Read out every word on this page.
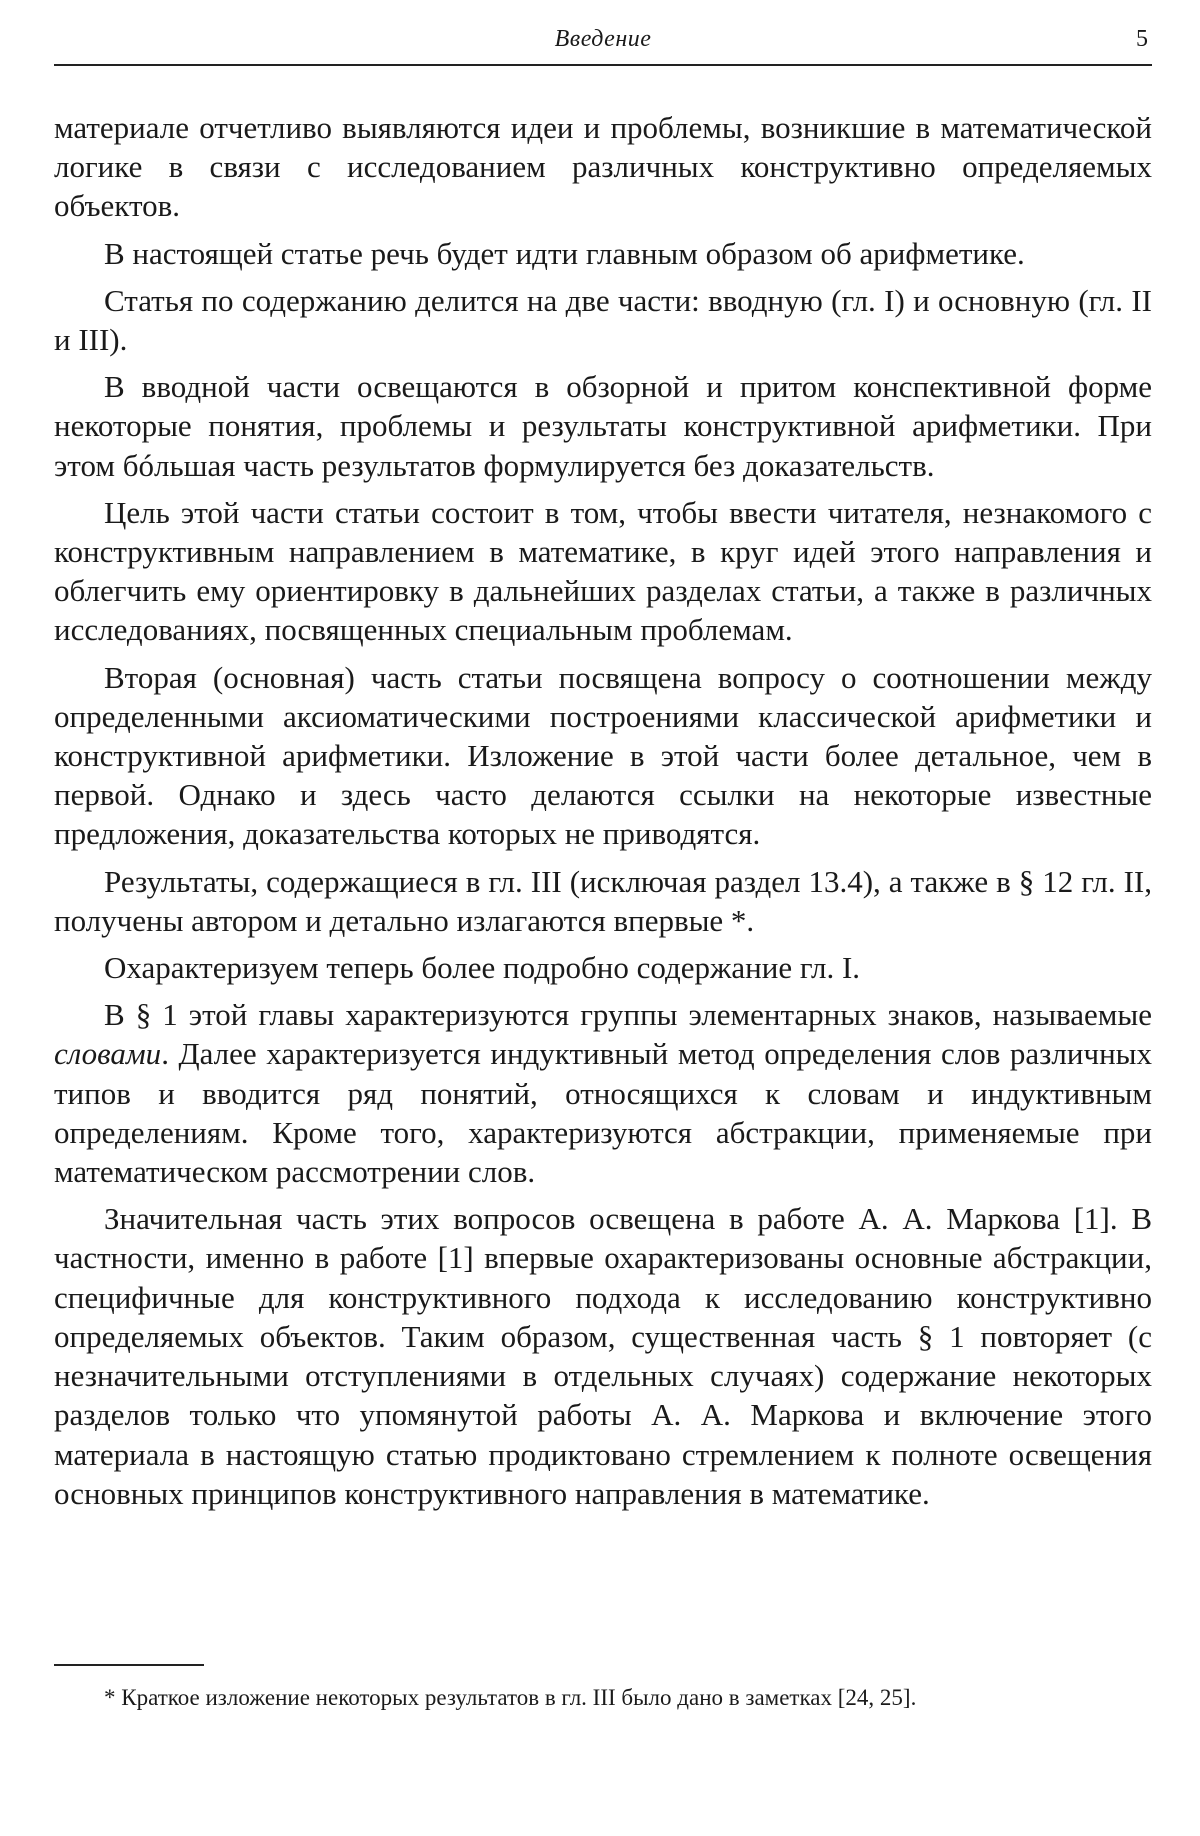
Введение	5

материале отчетливо выявляются идеи и проблемы, возникшие в математической логике в связи с исследованием различных конструктивно определяемых объектов.

В настоящей статье речь будет идти главным образом об арифметике.

Статья по содержанию делится на две части: вводную (гл. I) и основную (гл. II и III).

В вводной части освещаются в обзорной и притом конспективной форме некоторые понятия, проблемы и результаты конструктивной арифметики. При этом бóльшая часть результатов формулируется без доказательств.

Цель этой части статьи состоит в том, чтобы ввести читателя, незнакомого с конструктивным направлением в математике, в круг идей этого направления и облегчить ему ориентировку в дальнейших разделах статьи, а также в различных исследованиях, посвященных специальным проблемам.

Вторая (основная) часть статьи посвящена вопросу о соотношении между определенными аксиоматическими построениями классической арифметики и конструктивной арифметики. Изложение в этой части более детальное, чем в первой. Однако и здесь часто делаются ссылки на некоторые известные предложения, доказательства которых не приводятся.

Результаты, содержащиеся в гл. III (исключая раздел 13.4), а также в § 12 гл. II, получены автором и детально излагаются впервые *.

Охарактеризуем теперь более подробно содержание гл. I.

В § 1 этой главы характеризуются группы элементарных знаков, называемые словами. Далее характеризуется индуктивный метод определения слов различных типов и вводится ряд понятий, относящихся к словам и индуктивным определениям. Кроме того, характеризуются абстракции, применяемые при математическом рассмотрении слов.

Значительная часть этих вопросов освещена в работе А. А. Маркова [1]. В частности, именно в работе [1] впервые охарактеризованы основные абстракции, специфичные для конструктивного подхода к исследованию конструктивно определяемых объектов. Таким образом, существенная часть § 1 повторяет (с незначительными отступлениями в отдельных случаях) содержание некоторых разделов только что упомянутой работы А. А. Маркова и включение этого материала в настоящую статью продиктовано стремлением к полноте освещения основных принципов конструктивного направления в математике.

* Краткое изложение некоторых результатов в гл. III было дано в заметках [24, 25].
